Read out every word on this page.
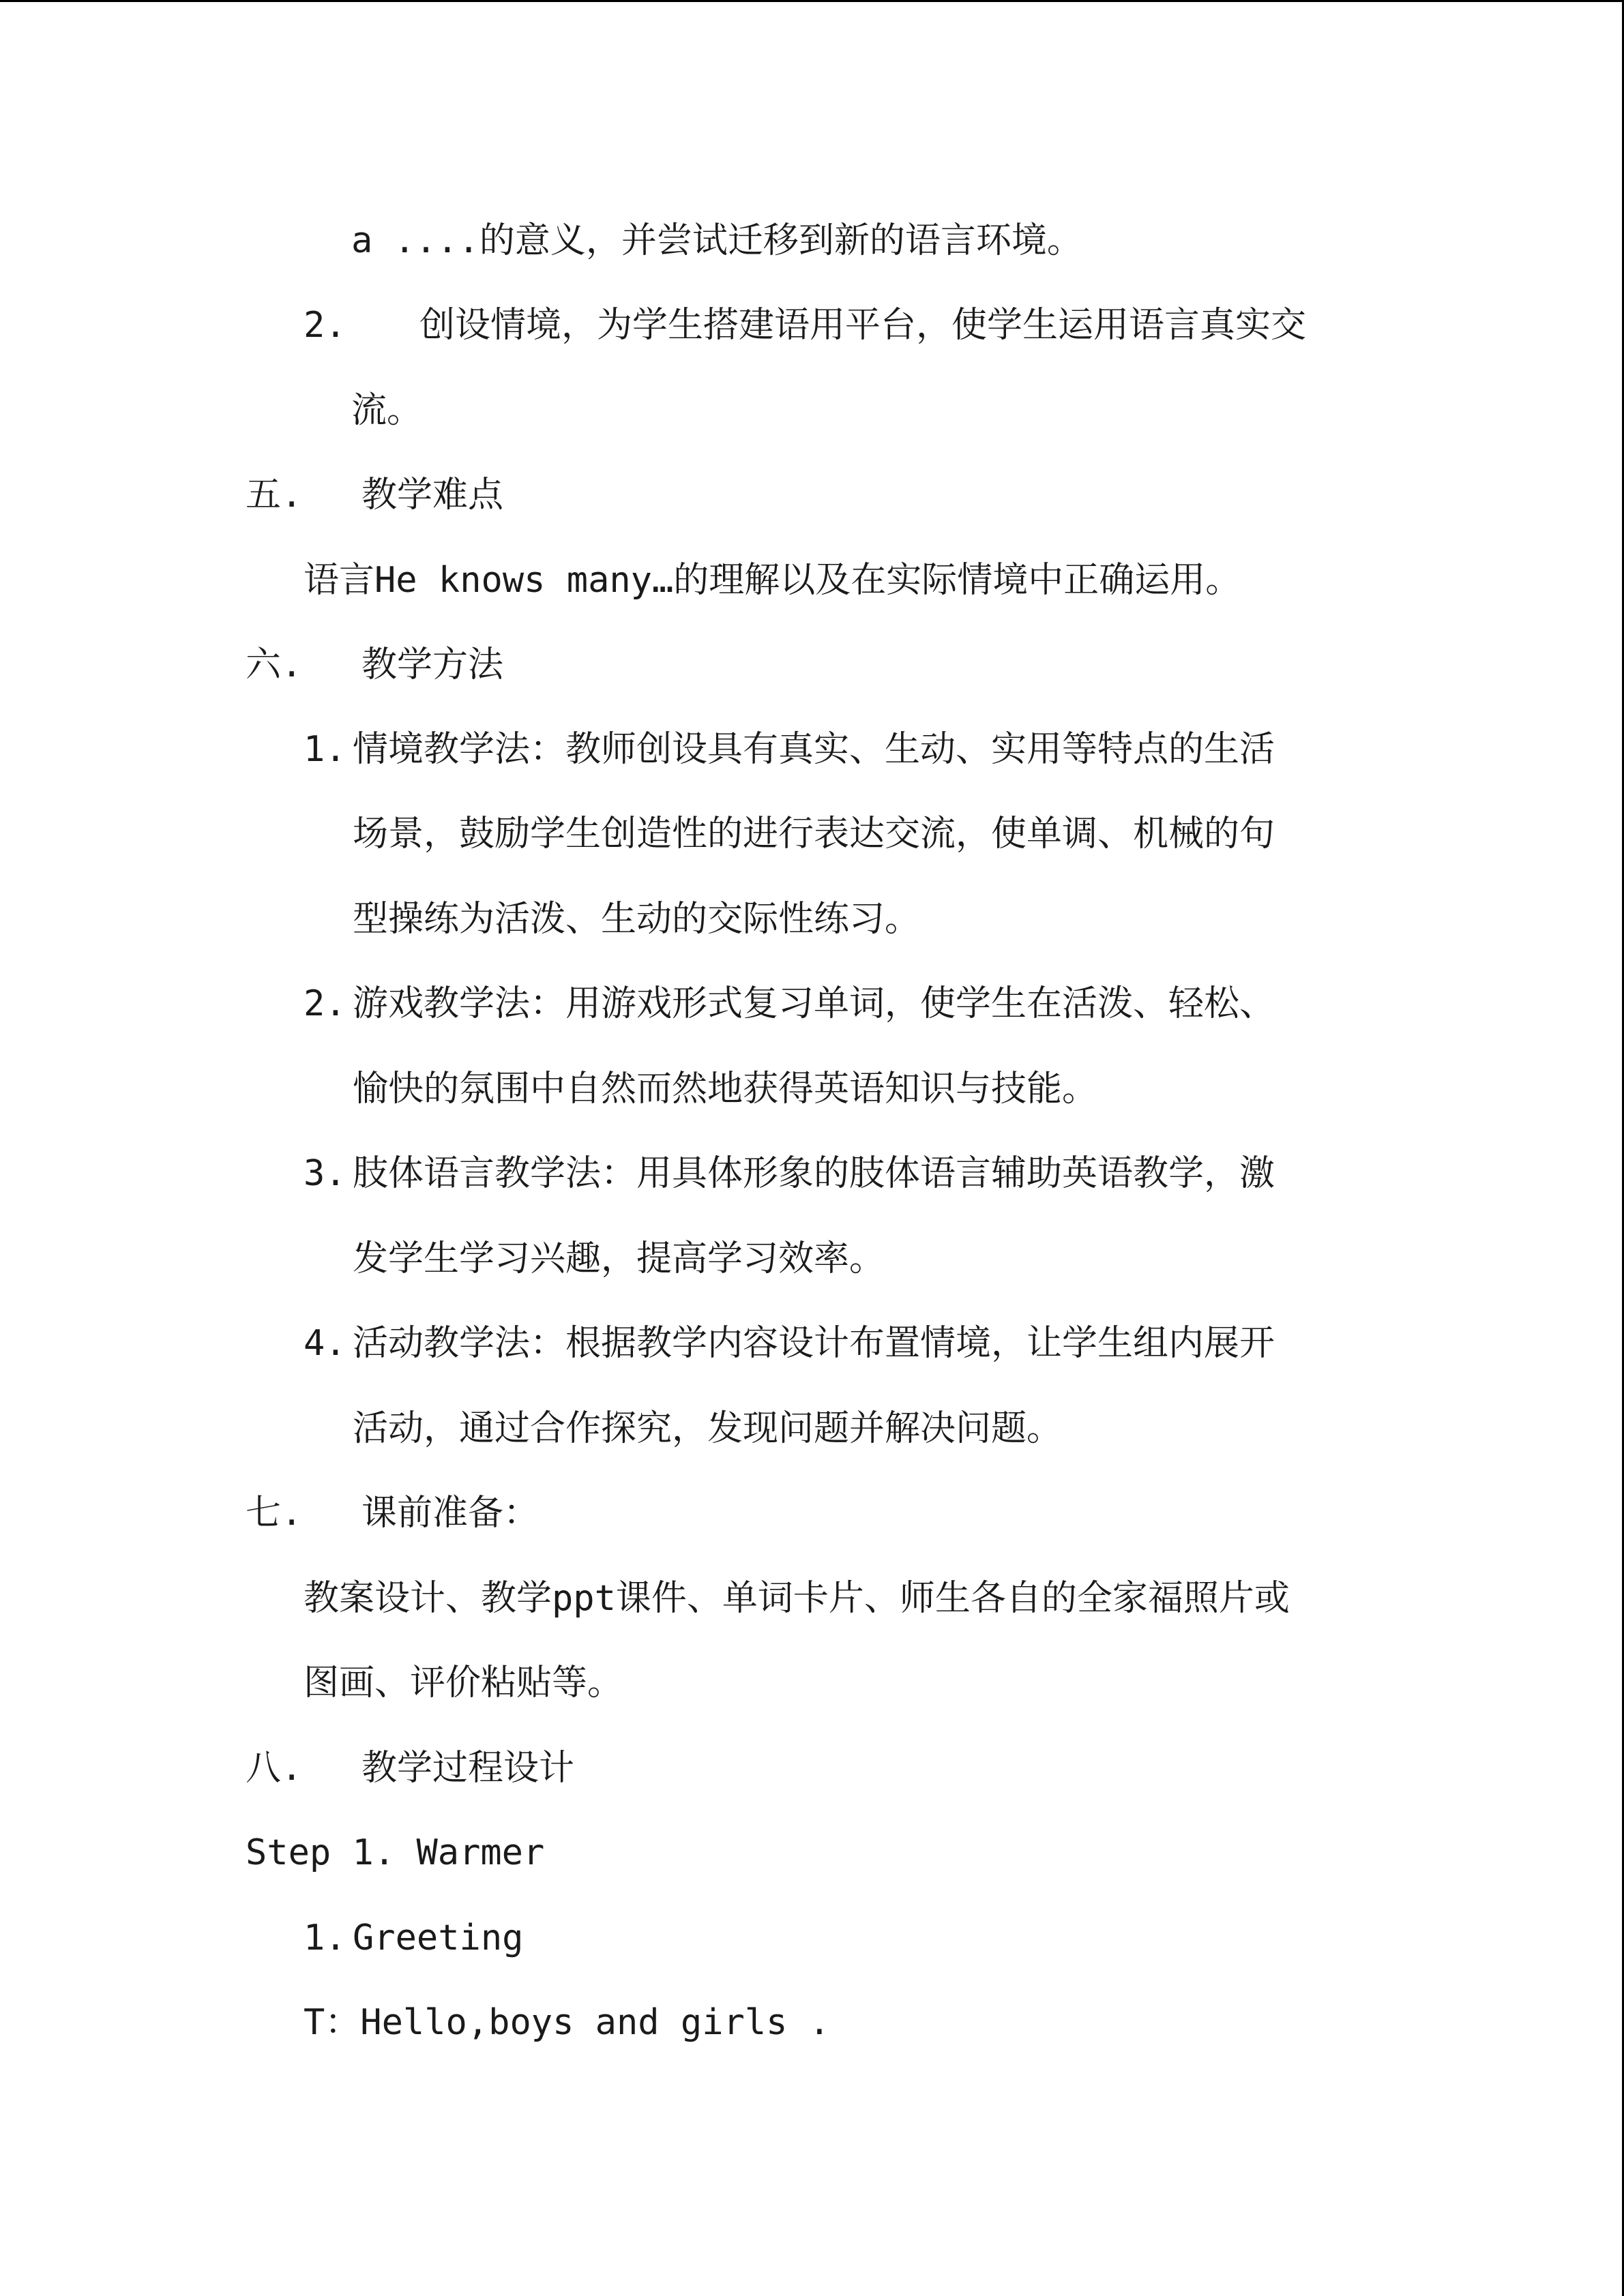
a ....的意义，并尝试迁移到新的语言环境。
2. 创设情境，为学生搭建语用平台，使学生运用语言真实交
流。
五. 教学难点
语言He knows many…的理解以及在实际情境中正确运用。
六. 教学方法
1. 情境教学法：教师创设具有真实、生动、实用等特点的生活
场景，鼓励学生创造性的进行表达交流，使单调、机械的句
型操练为活泼、生动的交际性练习。
2. 游戏教学法：用游戏形式复习单词，使学生在活泼、轻松、
愉快的氛围中自然而然地获得英语知识与技能。
3. 肢体语言教学法：用具体形象的肢体语言辅助英语教学，激
发学生学习兴趣，提高学习效率。
4. 活动教学法：根据教学内容设计布置情境，让学生组内展开
活动，通过合作探究，发现问题并解决问题。
七. 课前准备：
教案设计、教学ppt课件、单词卡片、师生各自的全家福照片或
图画、评价粘贴等。
八. 教学过程设计
Step 1. Warmer
1. Greeting
T：Hello,boys and girls .
